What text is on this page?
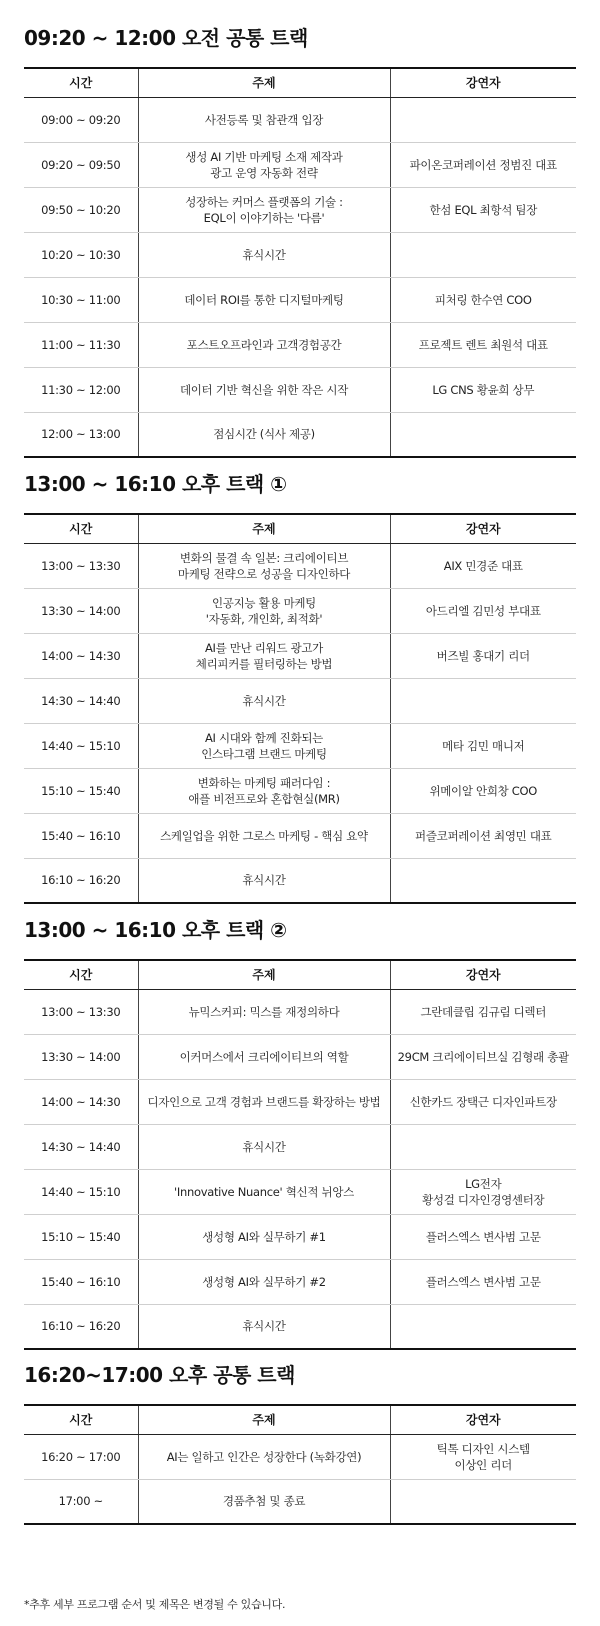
09:20 ~ 12:00 오전 공통 트랙
시간	주제	강연자
09:00 ~ 09:20	사전등록 및 참관객 입장	

09:20 ~ 09:50	생성 AI 기반 마케팅 소재 제작과
광고 운영 자동화 전략	파이온코퍼레이션 정범진 대표

09:50 ~ 10:20	성장하는 커머스 플랫폼의 기술 :
EQL이 이야기하는 '다름'	한섬 EQL 최항석 팀장

10:20 ~ 10:30	휴식시간	

10:30 ~ 11:00	데이터 ROI를 통한 디지털마케팅	피처링 한수연 COO

11:00 ~ 11:30	포스트오프라인과 고객경험공간	프로젝트 렌트 최원석 대표

11:30 ~ 12:00	데이터 기반 혁신을 위한 작은 시작	LG CNS 황윤희 상무

12:00 ~ 13:00	점심시간 (식사 제공)	

13:00 ~ 16:10 오후 트랙 ①
시간	주제	강연자
13:00 ~ 13:30	변화의 물결 속 일본: 크리에이티브
마케팅 전략으로 성공을 디자인하다	AIX 민경준 대표

13:30 ~ 14:00	인공지능 활용 마케팅
'자동화, 개인화, 최적화'	아드리엘 김민성 부대표

14:00 ~ 14:30	AI를 만난 리워드 광고가
체리피커를 필터링하는 방법	버즈빌 홍대기 리더

14:30 ~ 14:40	휴식시간	

14:40 ~ 15:10	AI 시대와 함께 진화되는
인스타그램 브랜드 마케팅	메타 김민 매니저

15:10 ~ 15:40	변화하는 마케팅 패러다임 :
애플 비전프로와 혼합현실(MR)	위메이알 안희창 COO

15:40 ~ 16:10	스케일업을 위한 그로스 마케팅 - 핵심 요약	퍼즐코퍼레이션 최영민 대표

16:10 ~ 16:20	휴식시간	

13:00 ~ 16:10 오후 트랙 ②
시간	주제	강연자
13:00 ~ 13:30	뉴믹스커피: 믹스를 재정의하다	그란데클립 김규림 디렉터

13:30 ~ 14:00	이커머스에서 크리에이티브의 역할	29CM 크리에이티브실 김형래 총괄

14:00 ~ 14:30	디자인으로 고객 경험과 브랜드를 확장하는 방법	신한카드 장택근 디자인파트장

14:30 ~ 14:40	휴식시간	

14:40 ~ 15:10	'Innovative Nuance' 혁신적 뉘앙스	LG전자
황성걸 디자인경영센터장

15:10 ~ 15:40	생성형 AI와 실무하기 #1	플러스엑스 변사범 고문

15:40 ~ 16:10	생성형 AI와 실무하기 #2	플러스엑스 변사범 고문

16:10 ~ 16:20	휴식시간	

16:20~17:00 오후 공통 트랙
시간	주제	강연자
16:20 ~ 17:00	AI는 일하고 인간은 성장한다 (녹화강연)	틱톡 디자인 시스템
이상인 리더

17:00 ~	경품추첨 및 종료	

*추후 세부 프로그램 순서 및 제목은 변경될 수 있습니다.
